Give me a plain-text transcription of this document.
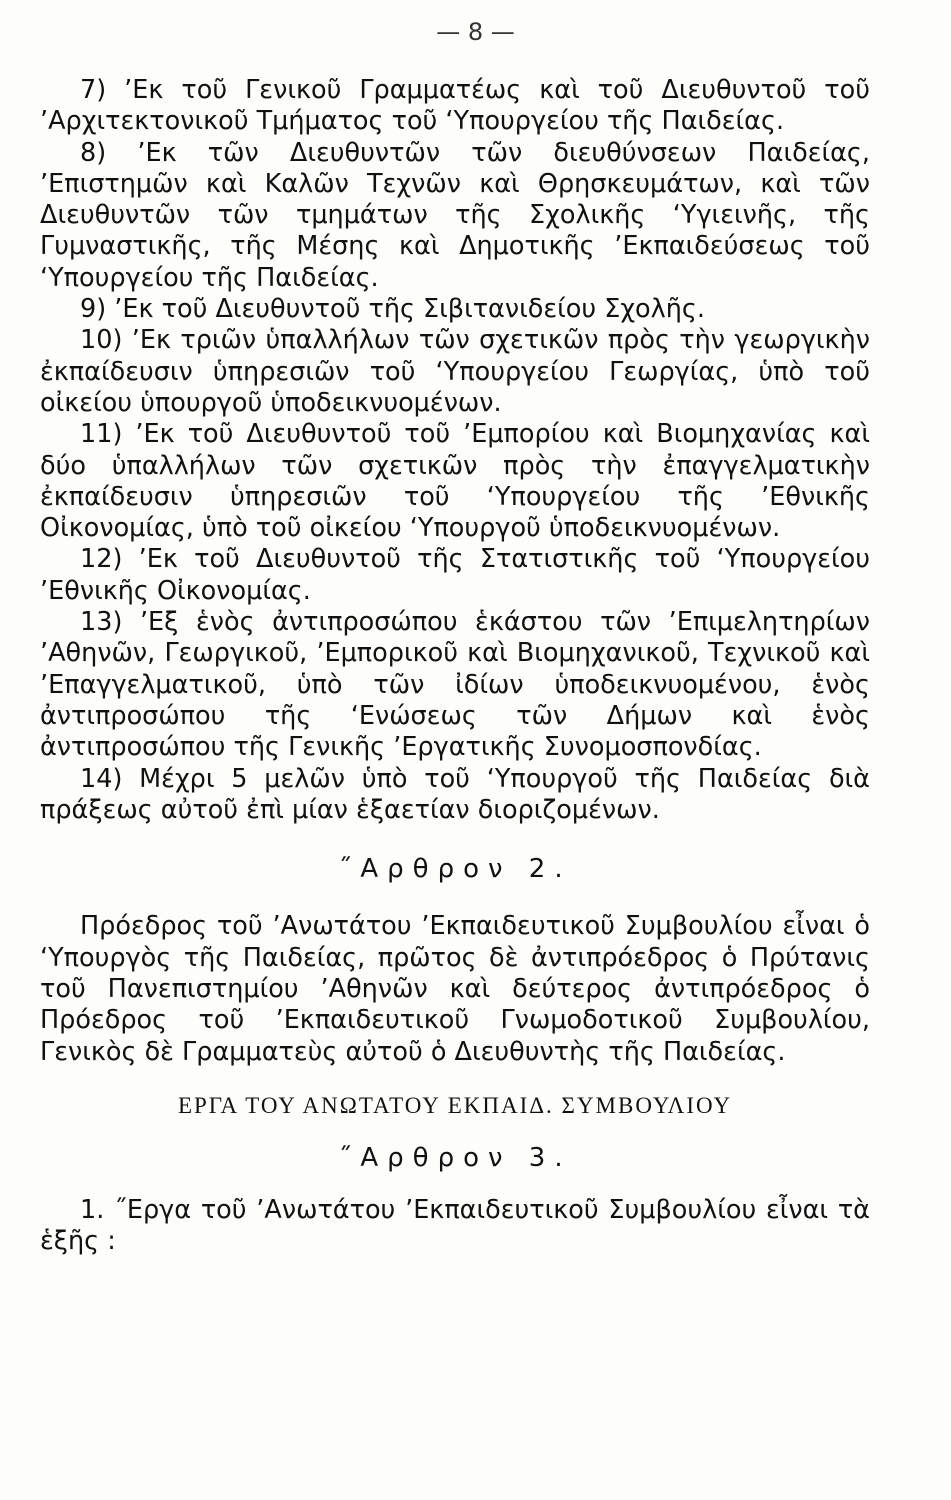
— 8 —

7) ’Εκ τοῦ Γενικοῦ Γραμματέως καὶ τοῦ Διευθυντοῦ τοῦ ’Αρχιτεκτονικοῦ Τμήματος τοῦ ‘Υπουργείου τῆς Παιδείας.

8) ’Εκ τῶν Διευθυντῶν τῶν διευθύνσεων Παιδείας, ’Επιστημῶν καὶ Καλῶν Τεχνῶν καὶ Θρησκευμάτων, καὶ τῶν Διευθυντῶν τῶν τμημάτων τῆς Σχολικῆς ‘Υγιεινῆς, τῆς Γυμναστικῆς, τῆς Μέσης καὶ Δημοτικῆς ’Εκπαιδεύσεως τοῦ ‘Υπουργείου τῆς Παιδείας.

9) ’Εκ τοῦ Διευθυντοῦ τῆς Σιβιτανιδείου Σχολῆς.

10) ’Εκ τριῶν ὑπαλλήλων τῶν σχετικῶν πρὸς τὴν γεωργικὴν ἐκπαίδευσιν ὑπηρεσιῶν τοῦ ‘Υπουργείου Γεωργίας, ὑπὸ τοῦ οἰκείου ὑπουργοῦ ὑποδεικνυομένων.

11) ’Εκ τοῦ Διευθυντοῦ τοῦ ’Εμπορίου καὶ Βιομηχανίας καὶ δύο ὑπαλλήλων τῶν σχετικῶν πρὸς τὴν ἐπαγγελματικὴν ἐκπαίδευσιν ὑπηρεσιῶν τοῦ ‘Υπουργείου τῆς ’Εθνικῆς Οἰκονομίας, ὑπὸ τοῦ οἰκείου ‘Υπουργοῦ ὑποδεικνυομένων.

12) ’Εκ τοῦ Διευθυντοῦ τῆς Στατιστικῆς τοῦ ‘Υπουργείου ’Εθνικῆς Οἰκονομίας.

13) ’Εξ ἑνὸς ἀντιπροσώπου ἑκάστου τῶν ’Επιμελητηρίων ’Αθηνῶν, Γεωργικοῦ, ’Εμπορικοῦ καὶ Βιομηχανικοῦ, Τεχνικοῦ καὶ ’Επαγγελματικοῦ, ὑπὸ τῶν ἰδίων ὑποδεικνυομένου, ἑνὸς ἀντιπροσώπου τῆς ‘Ενώσεως τῶν Δήμων καὶ ἑνὸς ἀντιπροσώπου τῆς Γενικῆς ’Εργατικῆς Συνομοσπονδίας.

14) Μέχρι 5 μελῶν ὑπὸ τοῦ ‘Υπουργοῦ τῆς Παιδείας διὰ πράξεως αὐτοῦ ἐπὶ μίαν ἑξαετίαν διοριζομένων.

˝Αρθρον 2.

Πρόεδρος τοῦ ’Ανωτάτου ’Εκπαιδευτικοῦ Συμβουλίου εἶναι ὁ ‘Υπουργὸς τῆς Παιδείας, πρῶτος δὲ ἀντιπρόεδρος ὁ Πρύτανις τοῦ Πανεπιστημίου ’Αθηνῶν καὶ δεύτερος ἀντιπρόεδρος ὁ Πρόεδρος τοῦ ’Εκπαιδευτικοῦ Γνωμοδοτικοῦ Συμβουλίου, Γενικὸς δὲ Γραμματεὺς αὐτοῦ ὁ Διευθυντὴς τῆς Παιδείας.

ΕΡΓΑ ΤΟΥ ΑΝΩΤΑΤΟΥ ΕΚΠΑΙΔ. ΣΥΜΒΟΥΛΙΟΥ

˝Αρθρον 3.

1. ˝Εργα τοῦ ’Ανωτάτου ’Εκπαιδευτικοῦ Συμβουλίου εἶναι τὰ ἑξῆς :
